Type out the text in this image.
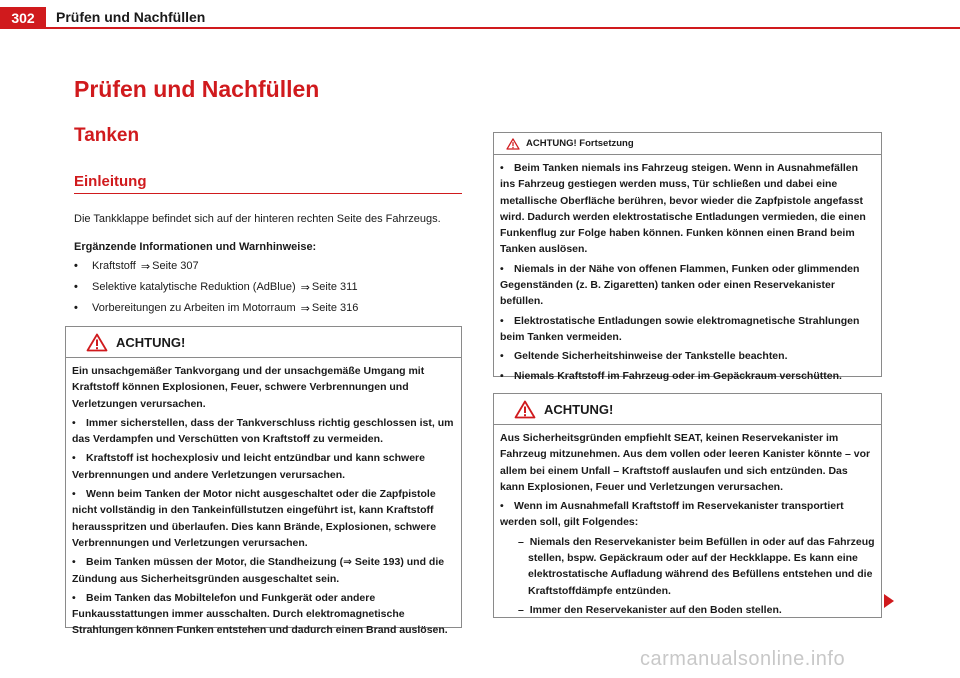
302	Prüfen und Nachfüllen
Prüfen und Nachfüllen
Tanken
Einleitung
Die Tankklappe befindet sich auf der hinteren rechten Seite des Fahrzeugs.
Ergänzende Informationen und Warnhinweise:
•	Kraftstoff ⇒ Seite 307
•	Selektive katalytische Reduktion (AdBlue) ⇒ Seite 311
•	Vorbereitungen zu Arbeiten im Motorraum ⇒ Seite 316
ACHTUNG!

Ein unsachgemäßer Tankvorgang und der unsachgemäße Umgang mit Kraftstoff können Explosionen, Feuer, schwere Verbrennungen und Verletzungen verursachen.

• Immer sicherstellen, dass der Tankverschluss richtig geschlossen ist, um das Verdampfen und Verschütten von Kraftstoff zu vermeiden.

• Kraftstoff ist hochexplosiv und leicht entzündbar und kann schwere Verbrennungen und andere Verletzungen verursachen.

• Wenn beim Tanken der Motor nicht ausgeschaltet oder die Zapfpistole nicht vollständig in den Tankeinfüllstutzen eingeführt ist, kann Kraftstoff herausspritzen und überlaufen. Dies kann Brände, Explosionen, schwere Verbrennungen und Verletzungen verursachen.

• Beim Tanken müssen der Motor, die Standheizung (⇒ Seite 193) und die Zündung aus Sicherheitsgründen ausgeschaltet sein.

• Beim Tanken das Mobiltelefon und Funkgerät oder andere Funkausstattungen immer ausschalten. Durch elektromagnetische Strahlungen können Funken entstehen und dadurch einen Brand auslösen.

ACHTUNG! Fortsetzung

• Beim Tanken niemals ins Fahrzeug steigen. Wenn in Ausnahmefällen ins Fahrzeug gestiegen werden muss, Tür schließen und dabei eine metallische Oberfläche berühren, bevor wieder die Zapfpistole angefasst wird. Dadurch werden elektrostatische Entladungen vermieden, die einen Funkenflug zur Folge haben können. Funken können einen Brand beim Tanken auslösen.

• Niemals in der Nähe von offenen Flammen, Funken oder glimmenden Gegenständen (z. B. Zigaretten) tanken oder einen Reservekanister befüllen.

• Elektrostatische Entladungen sowie elektromagnetische Strahlungen beim Tanken vermeiden.

• Geltende Sicherheitshinweise der Tankstelle beachten.

• Niemals Kraftstoff im Fahrzeug oder im Gepäckraum verschütten.

ACHTUNG!

Aus Sicherheitsgründen empfiehlt SEAT, keinen Reservekanister im Fahrzeug mitzunehmen. Aus dem vollen oder leeren Kanister könnte – vor allem bei einem Unfall – Kraftstoff auslaufen und sich entzünden. Das kann Explosionen, Feuer und Verletzungen verursachen.

• Wenn im Ausnahmefall Kraftstoff im Reservekanister transportiert werden soll, gilt Folgendes:

–  Niemals den Reservekanister beim Befüllen in oder auf das Fahrzeug stellen, bspw. Gepäckraum oder auf der Heckklappe. Es kann eine elektrostatische Aufladung während des Befüllens entstehen und die Kraftstoffdämpfe entzünden.

–  Immer den Reservekanister auf den Boden stellen.

carmanualsonline.info
